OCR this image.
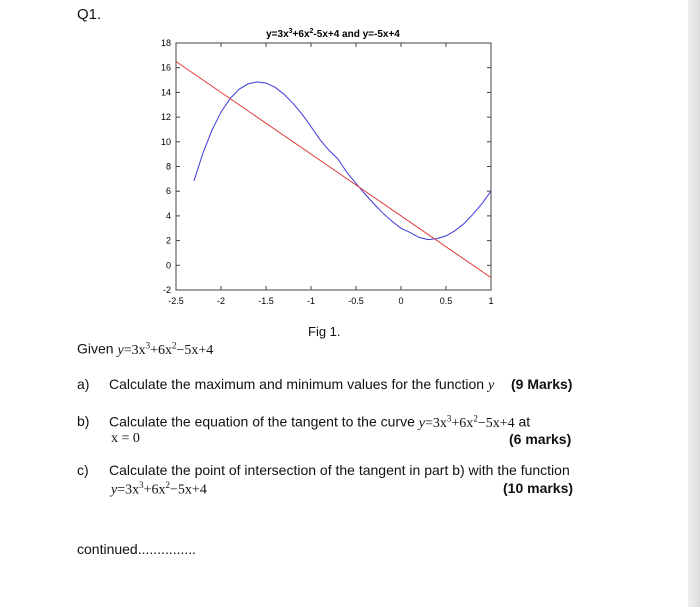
Q1.
$y=3x^3+6x^2-5x+4$ and y=-5x+4
-2.5	-2	-1.5	-1	-0.5	0	0.5	1
-2
0
2
4
6
8
10
12
14
16
18
Fig 1.
Given $y=3x^3+6x^2-5x+4$
a) Calculate the maximum and minimum values for the function y (9 Marks)
b) Calculate the equation of the tangent to the curve $y=3x^3+6x^2-5x+4$ at
x = 0	(6 marks)
c) Calculate the point of intersection of the tangent in part b) with the function
$y=3x^3+6x^2-5x+4$	(10 marks)
continued...............
